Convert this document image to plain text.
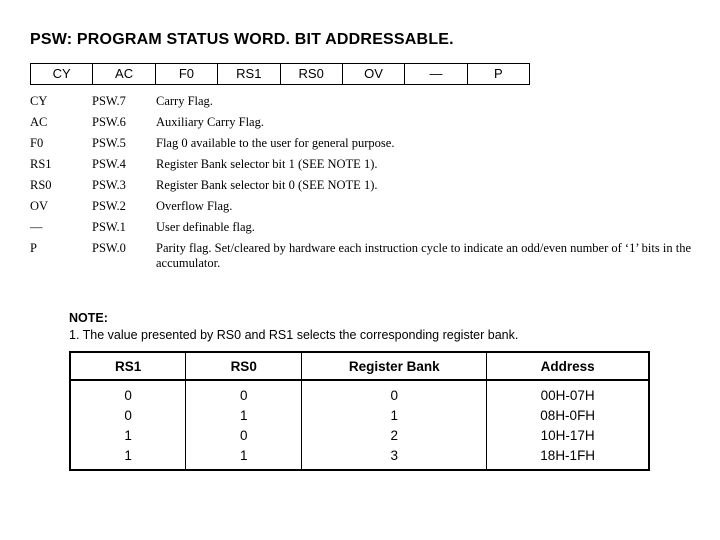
PSW: PROGRAM STATUS WORD. BIT ADDRESSABLE.
CY	AC	F0	RS1	RS0	OV	—	P
CY	PSW.7	Carry Flag.
AC	PSW.6	Auxiliary Carry Flag.
F0	PSW.5	Flag 0 available to the user for general purpose.
RS1	PSW.4	Register Bank selector bit 1 (SEE NOTE 1).
RS0	PSW.3	Register Bank selector bit 0 (SEE NOTE 1).
OV	PSW.2	Overflow Flag.
—	PSW.1	User definable flag.
P	PSW.0	Parity flag. Set/cleared by hardware each instruction cycle to indicate an odd/even number of ‘1’ bits in the accumulator.
NOTE:
1. The value presented by RS0 and RS1 selects the corresponding register bank.
RS1	RS0	Register Bank	Address
0	0	0	00H-07H
0	1	1	08H-0FH
1	0	2	10H-17H
1	1	3	18H-1FH
